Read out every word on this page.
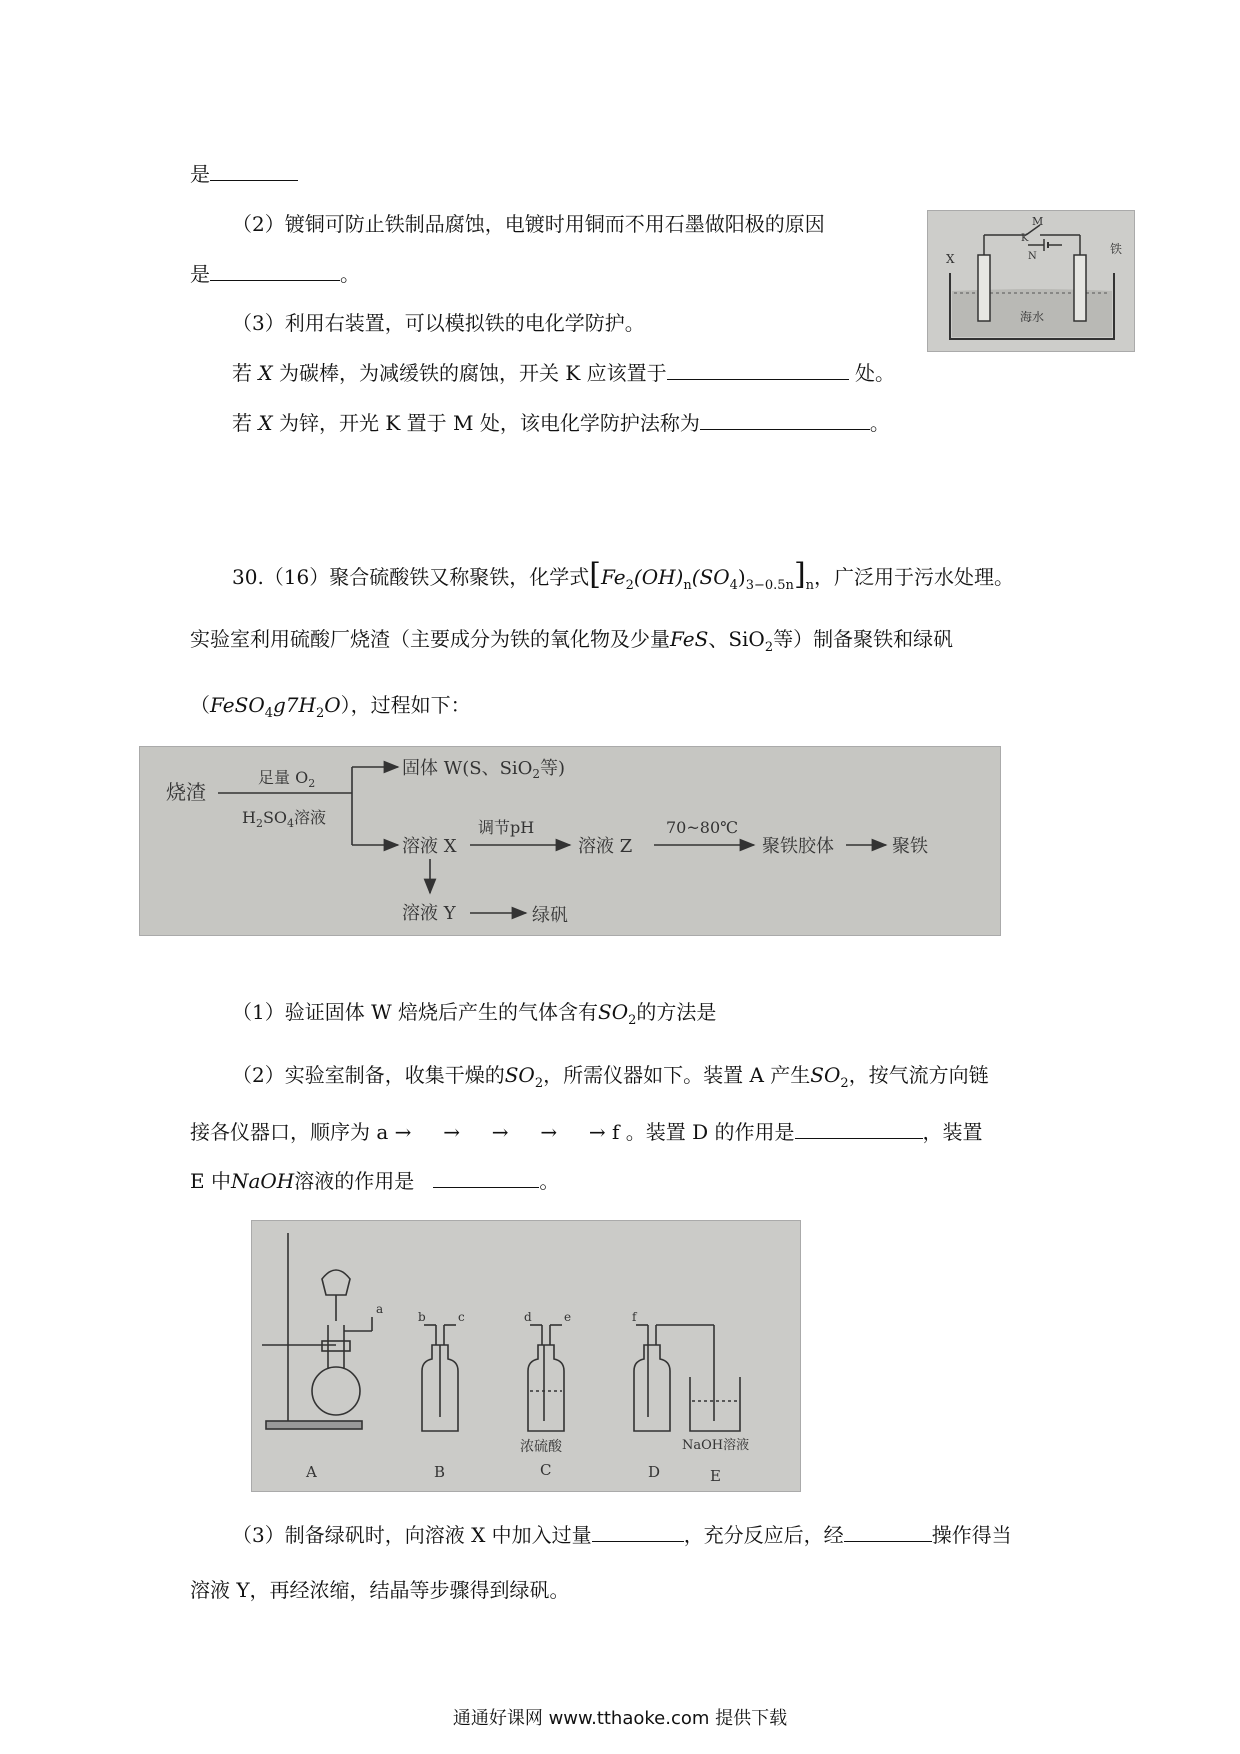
是
（2）镀铜可防止铁制品腐蚀，电镀时用铜而不用石墨做阳极的原因
是	。
（3）利用右装置，可以模拟铁的电化学防护。
若 X 为碳棒，为减缓铁的腐蚀，开关 K 应该置于	处。
若 X 为锌，开光 K 置于 M 处，该电化学防护法称为	。
X
M
K
N
铁
海水
30.（16）聚合硫酸铁又称聚铁，化学式$[Fe_2(OH)_n(SO_4)_{3-0.5n}]_n$，广泛用于污水处理。
实验室利用硫酸厂烧渣（主要成分为铁的氧化物及少量FeS、SiO$_2$等）制备聚铁和绿矾
$(FeSO_4g7H_2O)$，过程如下：
烧渣
足量 $O_2$
$H_2SO_4$溶液
固体 W(S、SiO$_2$等)
溶液 X
调节pH
溶液 Z
70~80℃
聚铁胶体	聚铁
溶液 Y	绿矾
（1）验证固体 W 焙烧后产生的气体含有$SO_2$的方法是
（2）实验室制备，收集干燥的$SO_2$，所需仪器如下。装置 A 产生$SO_2$，按气流方向链
接各仪器口，顺序为 a → → → → → f 。装置 D 的作用是	，装置
E 中NaOH溶液的作用是	。
a
b	c	d	e	f
浓硫酸	NaOH溶液
A	B	C	D	E
（3）制备绿矾时，向溶液 X 中加入过量	，充分反应后，经	操作得当
溶液 Y，再经浓缩，结晶等步骤得到绿矾。
通通好课网 www.tthaoke.com 提供下载
